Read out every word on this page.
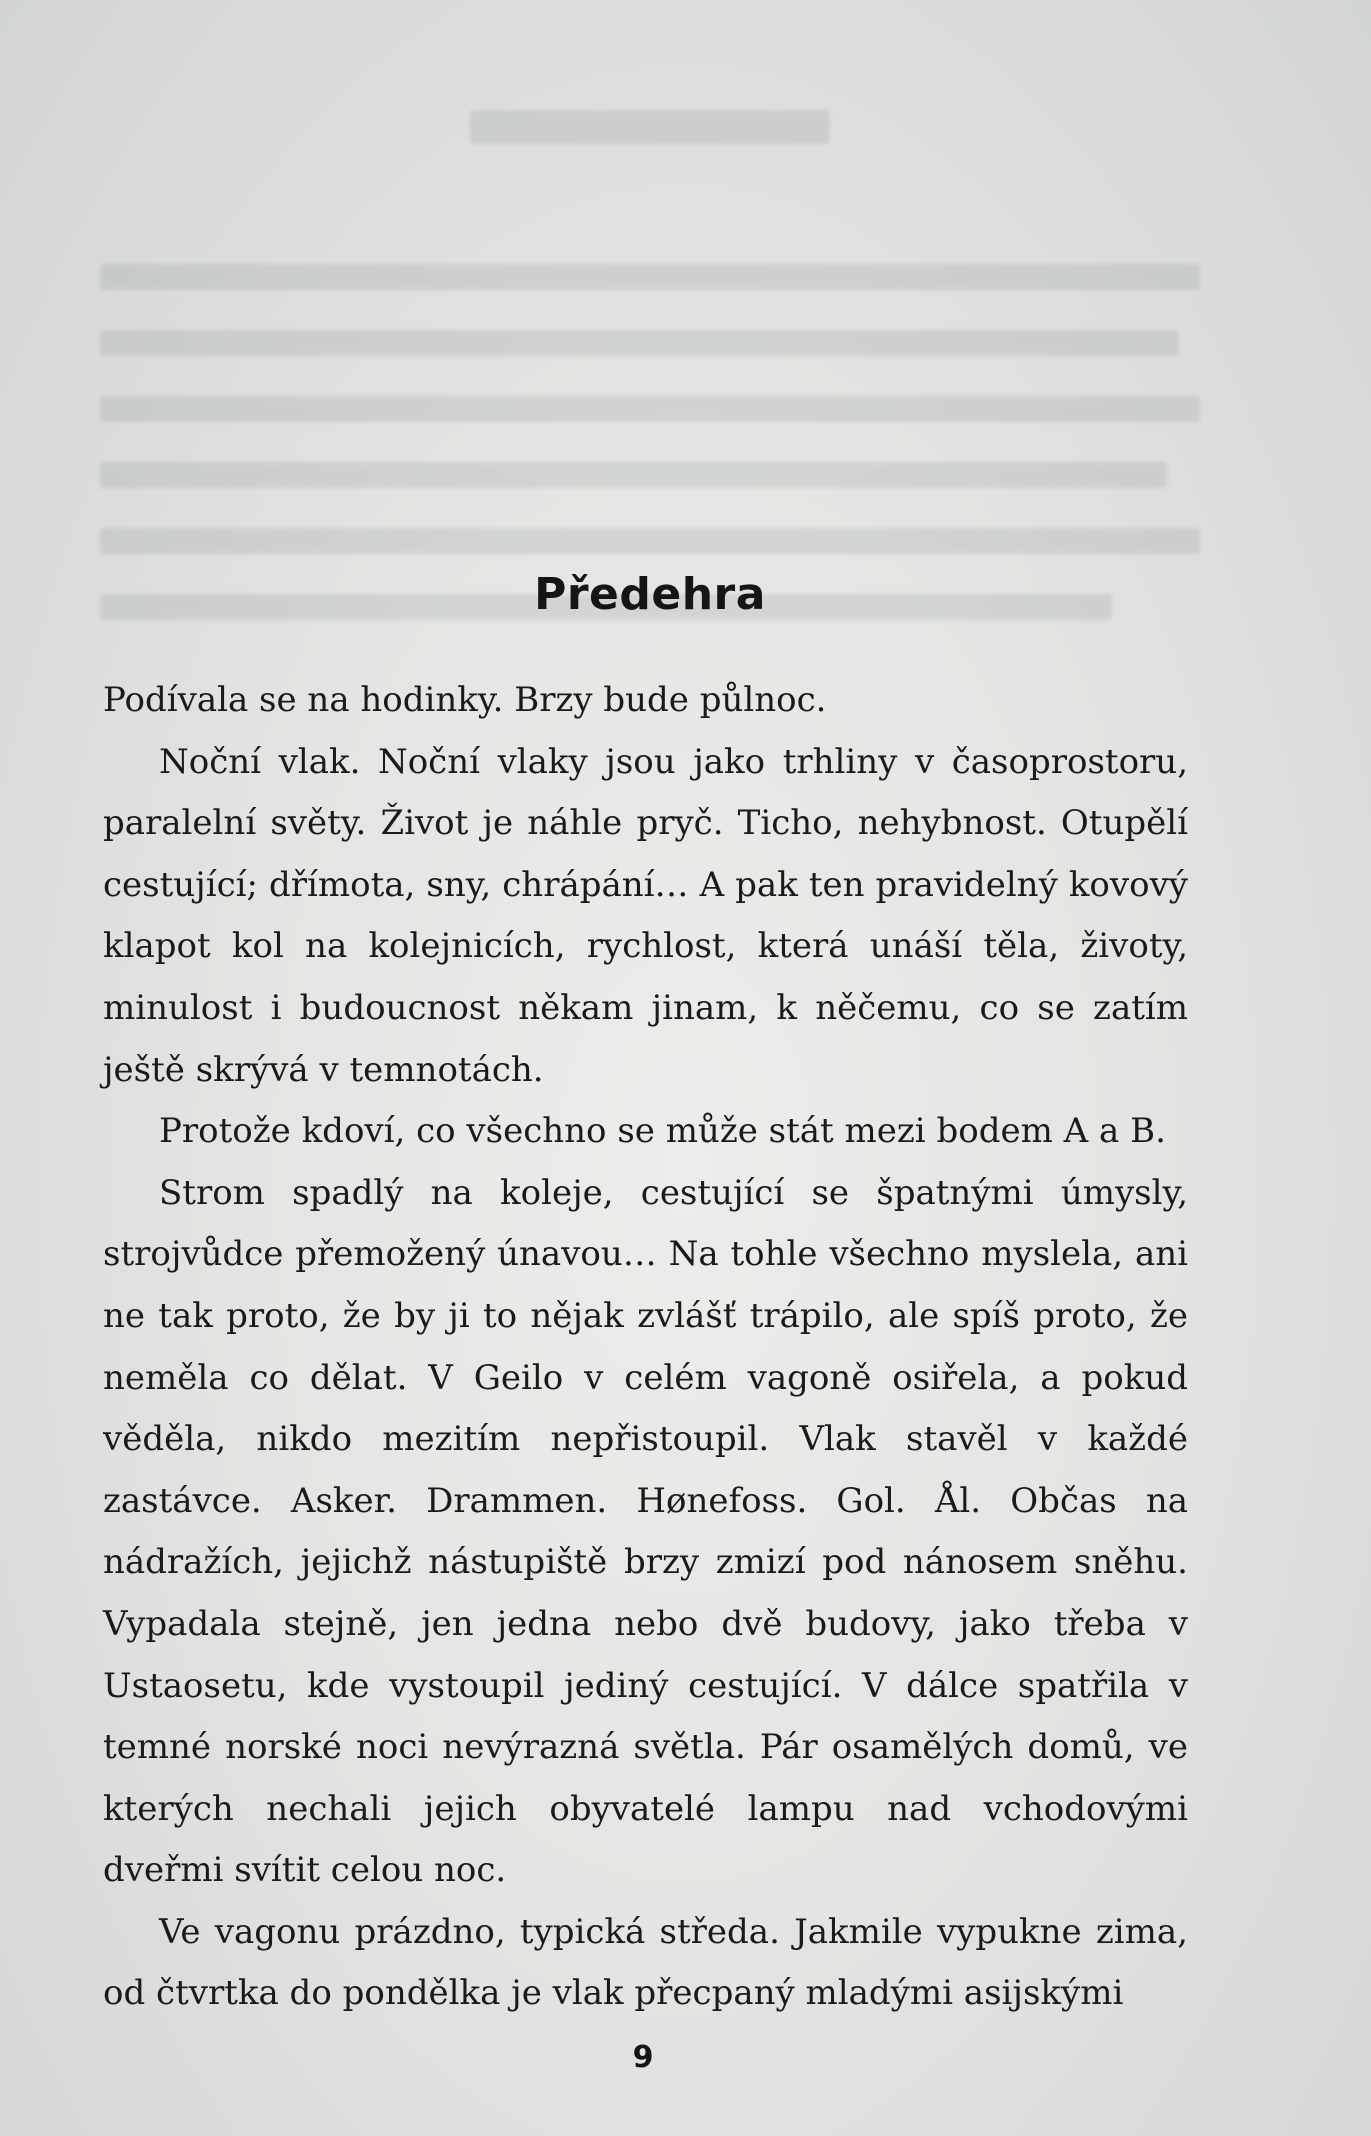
Předehra

Podívala se na hodinky. Brzy bude půlnoc.

Noční vlak. Noční vlaky jsou jako trhliny v časoprostoru, paralelní světy. Život je náhle pryč. Ticho, nehybnost. Otupělí cestující; dřímota, sny, chrápání… A pak ten pravidelný kovový klapot kol na kolejnicích, rychlost, která unáší těla, životy, minulost i budoucnost někam jinam, k něčemu, co se zatím ještě skrývá v temnotách.

Protože kdoví, co všechno se může stát mezi bodem A a B.

Strom spadlý na koleje, cestující se špatnými úmysly, strojvůdce přemožený únavou… Na tohle všechno myslela, ani ne tak proto, že by ji to nějak zvlášť trápilo, ale spíš proto, že neměla co dělat. V Geilo v celém vagoně osiřela, a pokud věděla, nikdo mezitím nepřistoupil. Vlak stavěl v každé zastávce. Asker. Drammen. Hønefoss. Gol. Ål. Občas na nádražích, jejichž nástupiště brzy zmizí pod nánosem sněhu. Vypadala stejně, jen jedna nebo dvě budovy, jako třeba v Ustaosetu, kde vystoupil jediný cestující. V dálce spatřila v temné norské noci nevýrazná světla. Pár osamělých domů, ve kterých nechali jejich obyvatelé lampu nad vchodovými dveřmi svítit celou noc.

Ve vagonu prázdno, typická středa. Jakmile vypukne zima, od čtvrtka do pondělka je vlak přecpaný mladými asijskými

9
